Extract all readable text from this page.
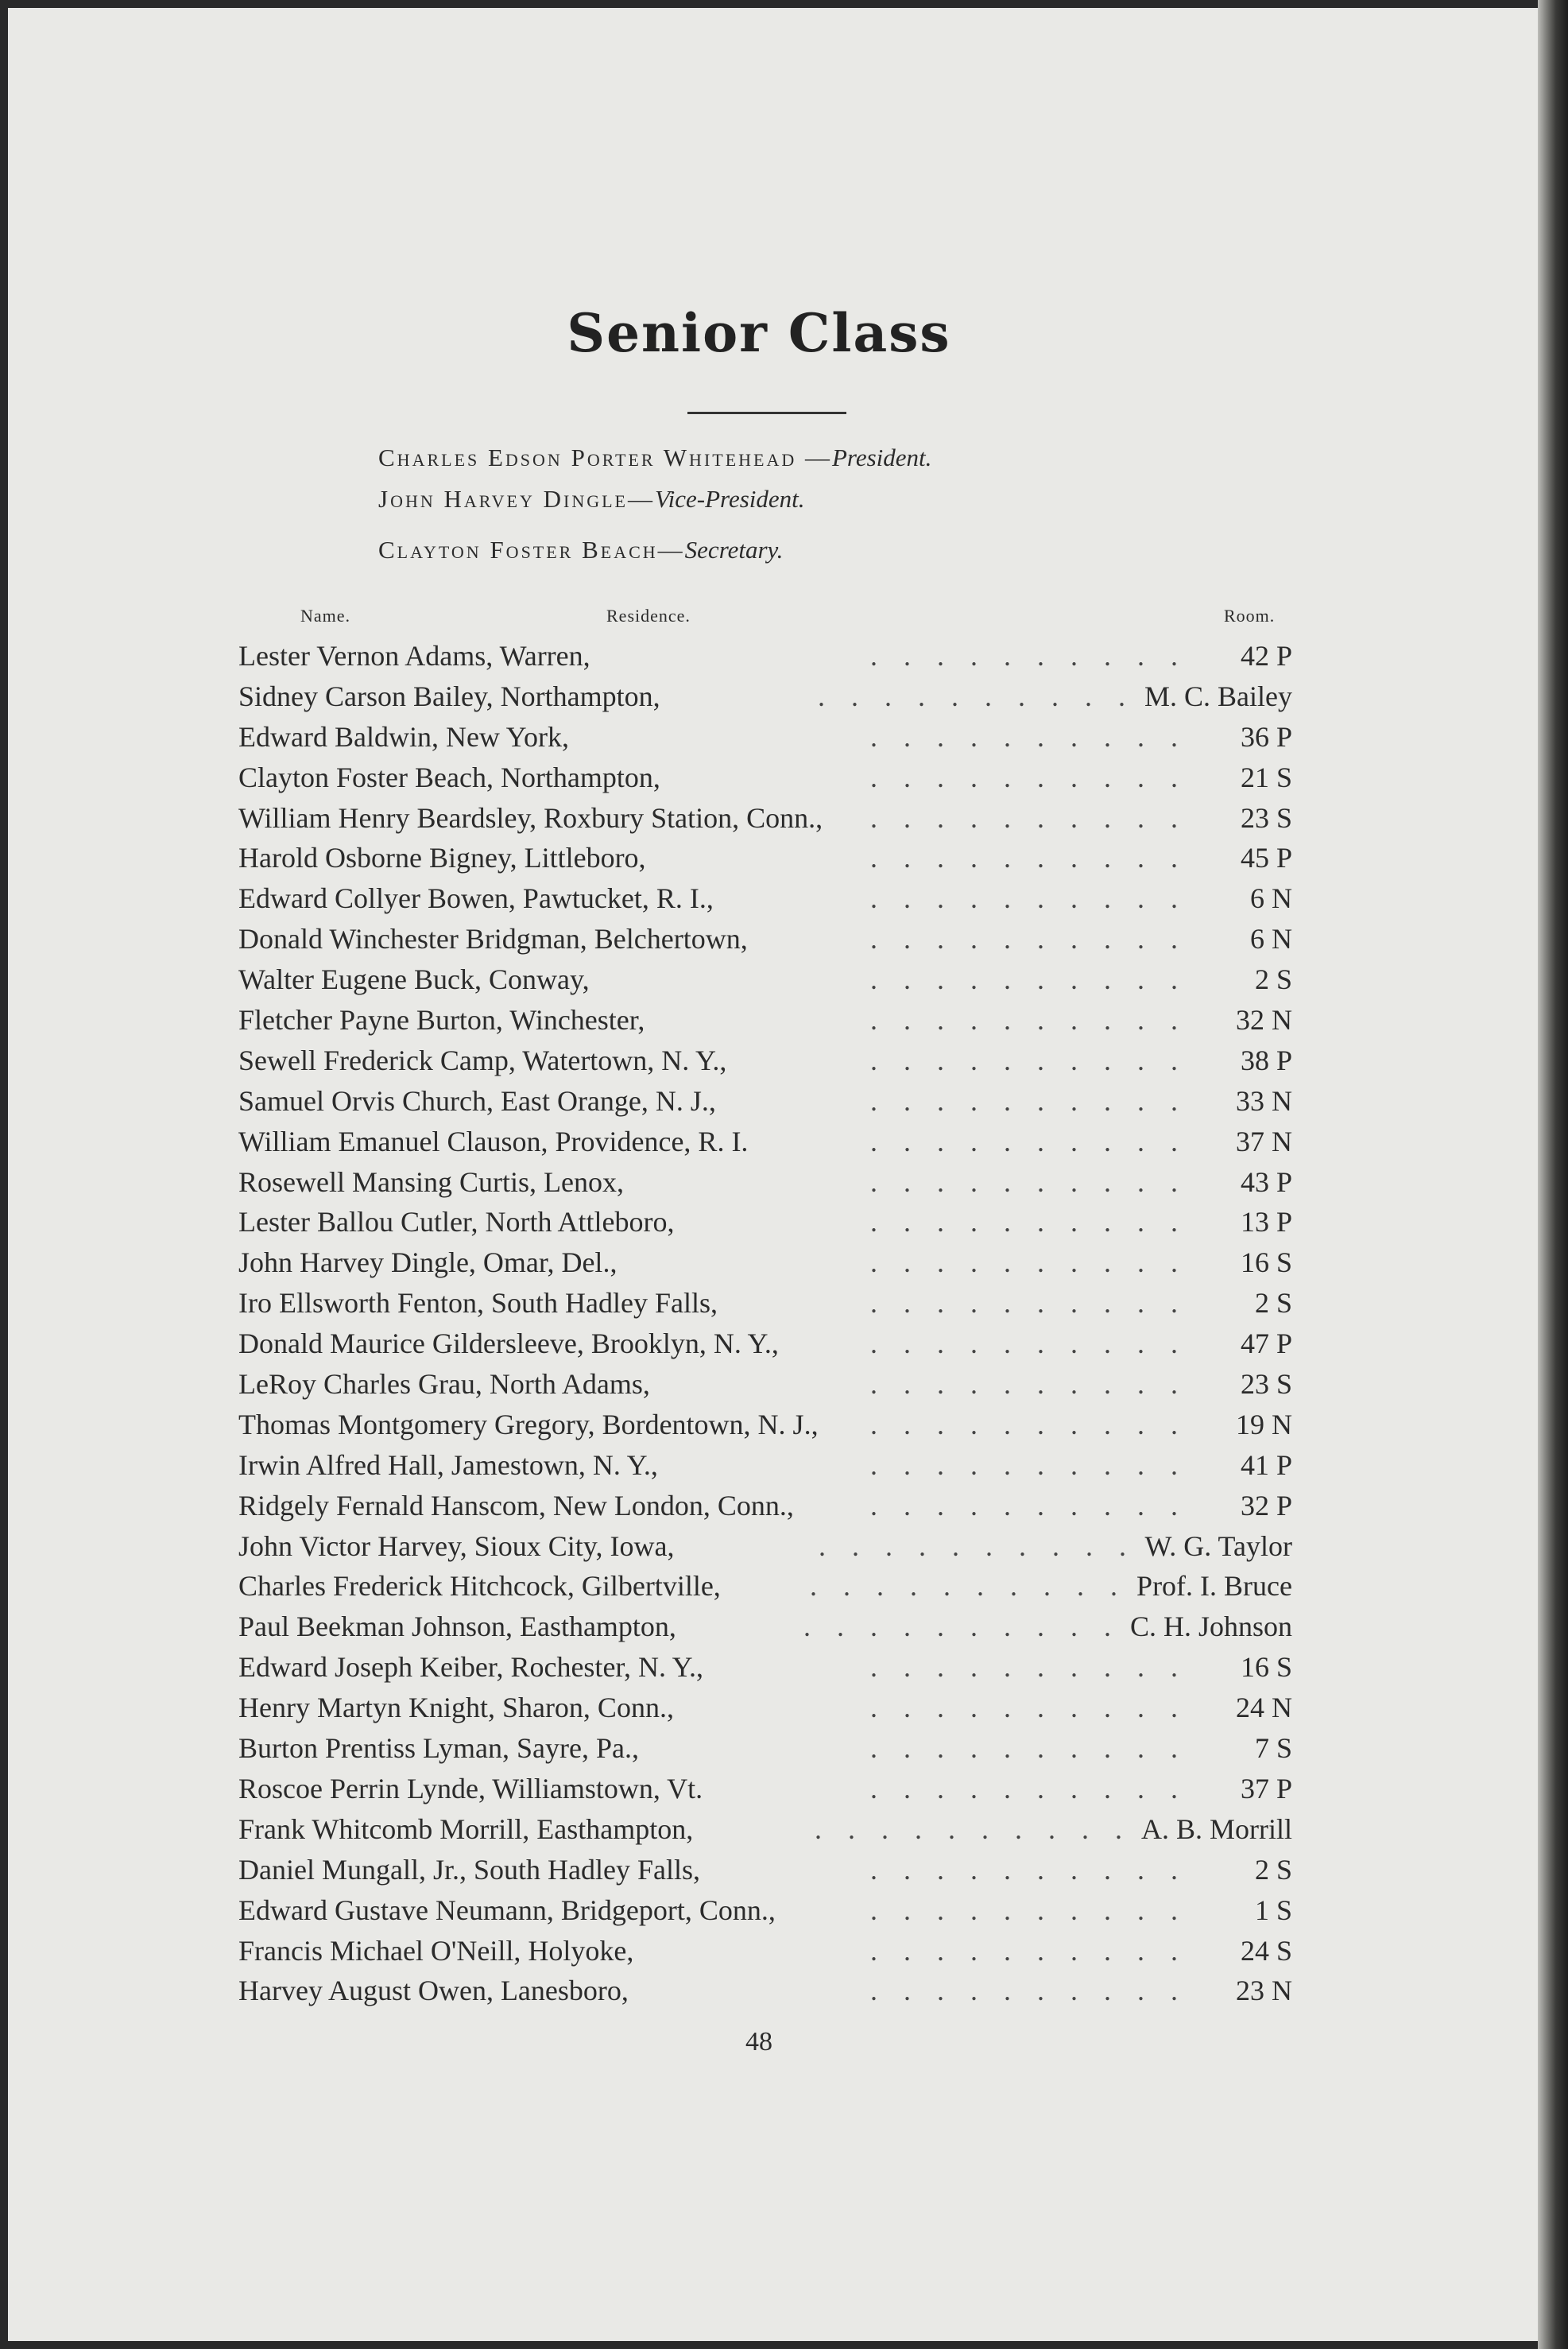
Senior Class
Charles Edson Porter Whitehead —President.
John Harvey Dingle—Vice-President.
Clayton Foster Beach—Secretary.
Name.	Residence.	Room.
. . . . . . . . . .
Lester Vernon Adams, Warren,	42 P
. . . . . . . . . .
Sidney Carson Bailey, Northampton,	M. C. Bailey
. . . . . . . . . .
Edward Baldwin, New York,	36 P
. . . . . . . . . .
Clayton Foster Beach, Northampton,	21 S
. . . . . . . . . .
William Henry Beardsley, Roxbury Station, Conn.,	23 S
. . . . . . . . . .
Harold Osborne Bigney, Littleboro,	45 P
. . . . . . . . . .
Edward Collyer Bowen, Pawtucket, R. I.,	6 N
. . . . . . . . . .
Donald Winchester Bridgman, Belchertown,	6 N
. . . . . . . . . .
Walter Eugene Buck, Conway,	2 S
. . . . . . . . . .
Fletcher Payne Burton, Winchester,	32 N
. . . . . . . . . .
Sewell Frederick Camp, Watertown, N. Y.,	38 P
. . . . . . . . . .
Samuel Orvis Church, East Orange, N. J.,	33 N
. . . . . . . . . .
William Emanuel Clauson, Providence, R. I.	37 N
. . . . . . . . . .
Rosewell Mansing Curtis, Lenox,	43 P
. . . . . . . . . .
Lester Ballou Cutler, North Attleboro,	13 P
. . . . . . . . . .
John Harvey Dingle, Omar, Del.,	16 S
. . . . . . . . . .
Iro Ellsworth Fenton, South Hadley Falls,	2 S
. . . . . . . . . .
Donald Maurice Gildersleeve, Brooklyn, N. Y.,	47 P
. . . . . . . . . .
LeRoy Charles Grau, North Adams,	23 S
. . . . . . . . . .
Thomas Montgomery Gregory, Bordentown, N. J.,	19 N
. . . . . . . . . .
Irwin Alfred Hall, Jamestown, N. Y.,	41 P
. . . . . . . . . .
Ridgely Fernald Hanscom, New London, Conn.,	32 P
. . . . . . . . . .
John Victor Harvey, Sioux City, Iowa,	W. G. Taylor
. . . . . . . . . .
Charles Frederick Hitchcock, Gilbertville,	Prof. I. Bruce
. . . . . . . . . .
Paul Beekman Johnson, Easthampton,	C. H. Johnson
. . . . . . . . . .
Edward Joseph Keiber, Rochester, N. Y.,	16 S
. . . . . . . . . .
Henry Martyn Knight, Sharon, Conn.,	24 N
. . . . . . . . . .
Burton Prentiss Lyman, Sayre, Pa.,	7 S
. . . . . . . . . .
Roscoe Perrin Lynde, Williamstown, Vt.	37 P
. . . . . . . . . .
Frank Whitcomb Morrill, Easthampton,	A. B. Morrill
. . . . . . . . . .
Daniel Mungall, Jr., South Hadley Falls,	2 S
. . . . . . . . . .
Edward Gustave Neumann, Bridgeport, Conn.,	1 S
. . . . . . . . . .
Francis Michael O'Neill, Holyoke,	24 S
. . . . . . . . . .
Harvey August Owen, Lanesboro,	23 N
48
